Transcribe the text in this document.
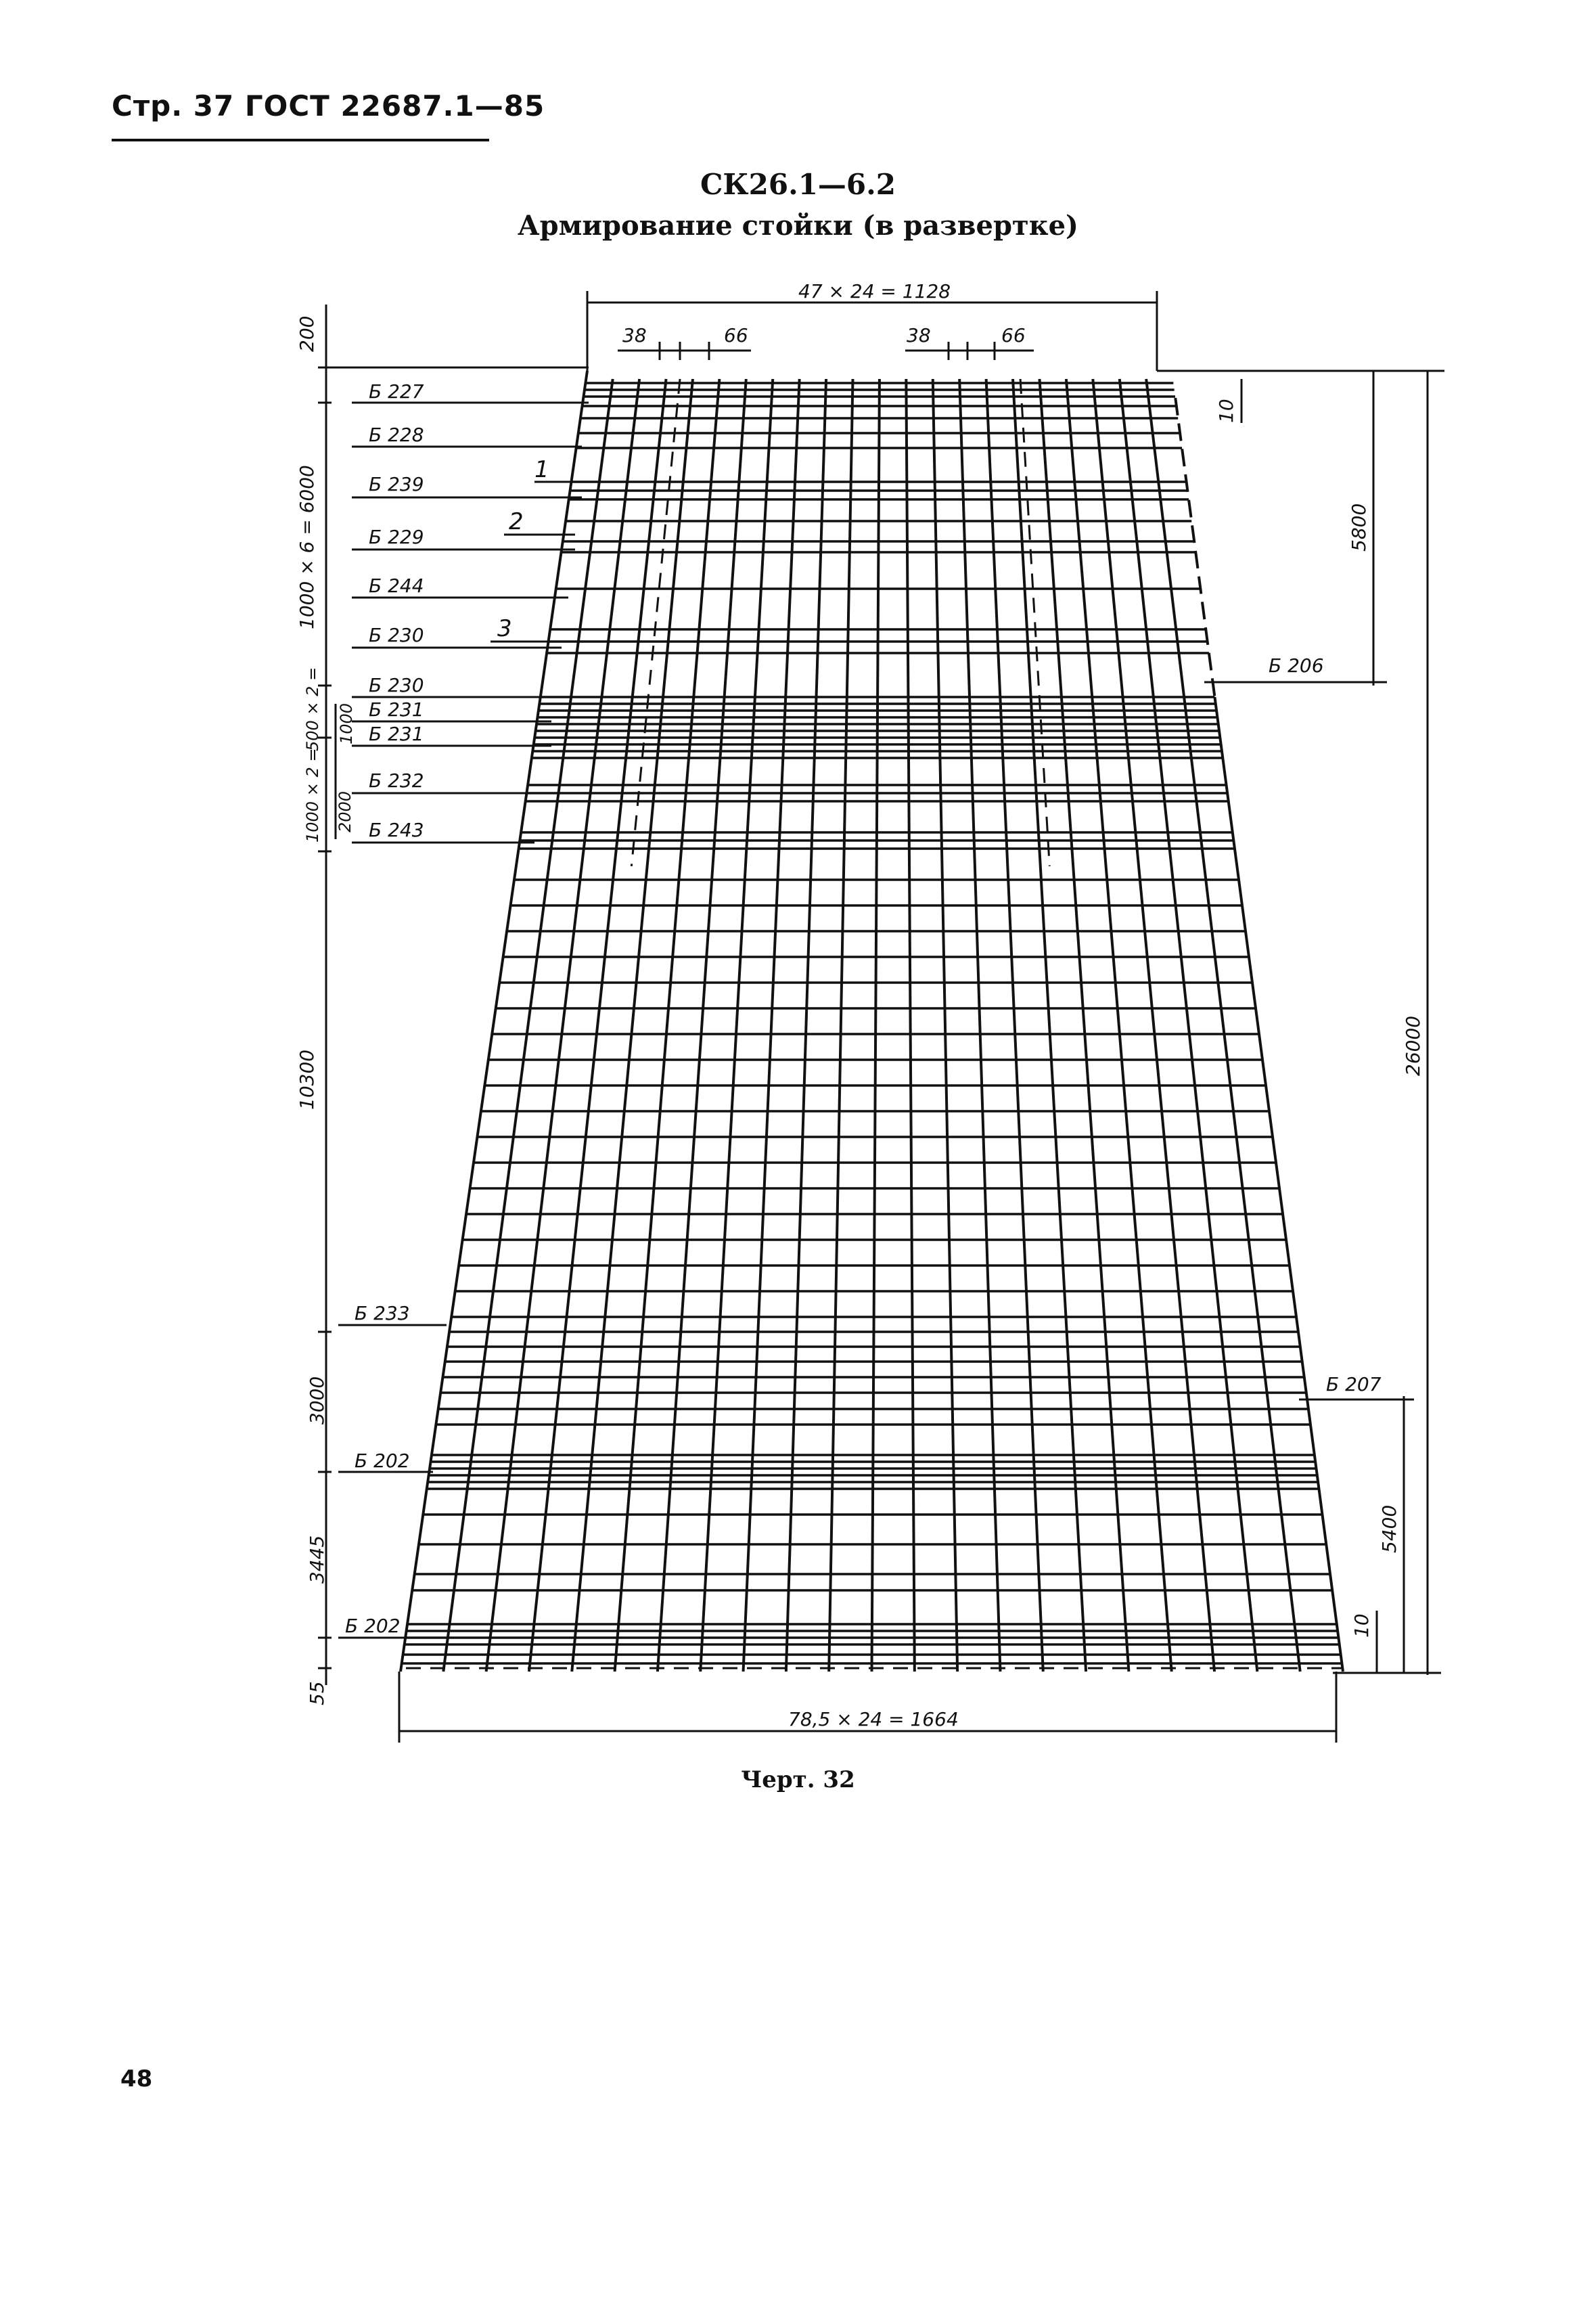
Стр. 37 ГОСТ 22687.1—85
СК26.1—6.2
Армирование стойки (в развертке)
47 × 24 = 1128
78,5 × 24 = 1664
38	66	38	66
200
1000 × 6 = 6000
500 × 2 = 1000
1000 × 2 = 2000
10300
3000
3445
55
10
5800
26000
5400
10
Б 227
Б 228
Б 239
Б 229
Б 244
Б 230
Б 230
Б 231
Б 231
Б 232
Б 243
Б 233
Б 202
Б 202
Б 206
Б 207
1
2
3
Черт. 32
48
